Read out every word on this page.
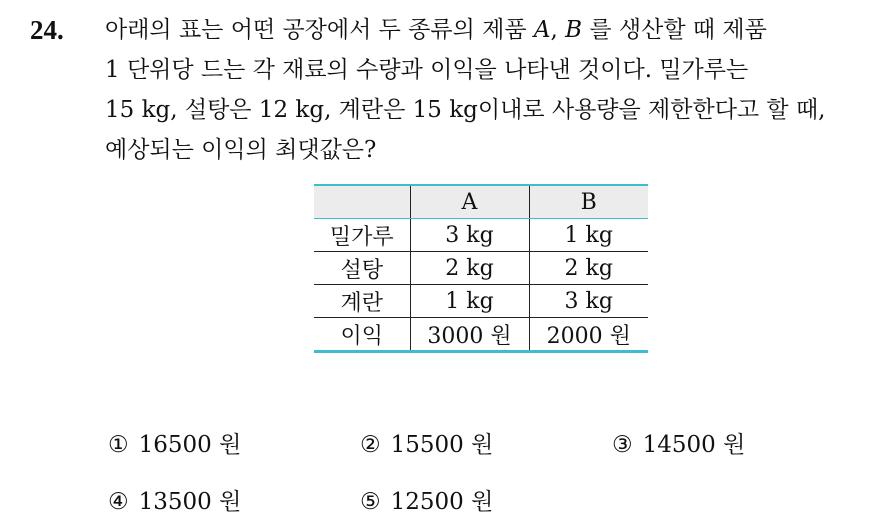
24. 아래의 표는 어떤 공장에서 두 종류의 제품 A, B 를 생산할 때 제품
1 단위당 드는 각 재료의 수량과 이익을 나타낸 것이다. 밀가루는
15 kg, 설탕은 12 kg, 계란은 15 kg이내로 사용량을 제한한다고 할 때,
예상되는 이익의 최댓값은?
	A	B
밀가루	3 kg	1 kg
설탕	2 kg	2 kg
계란	1 kg	3 kg
이익	3000 원	2000 원
① 16500 원	② 15500 원	③ 14500 원
④ 13500 원	⑤ 12500 원
